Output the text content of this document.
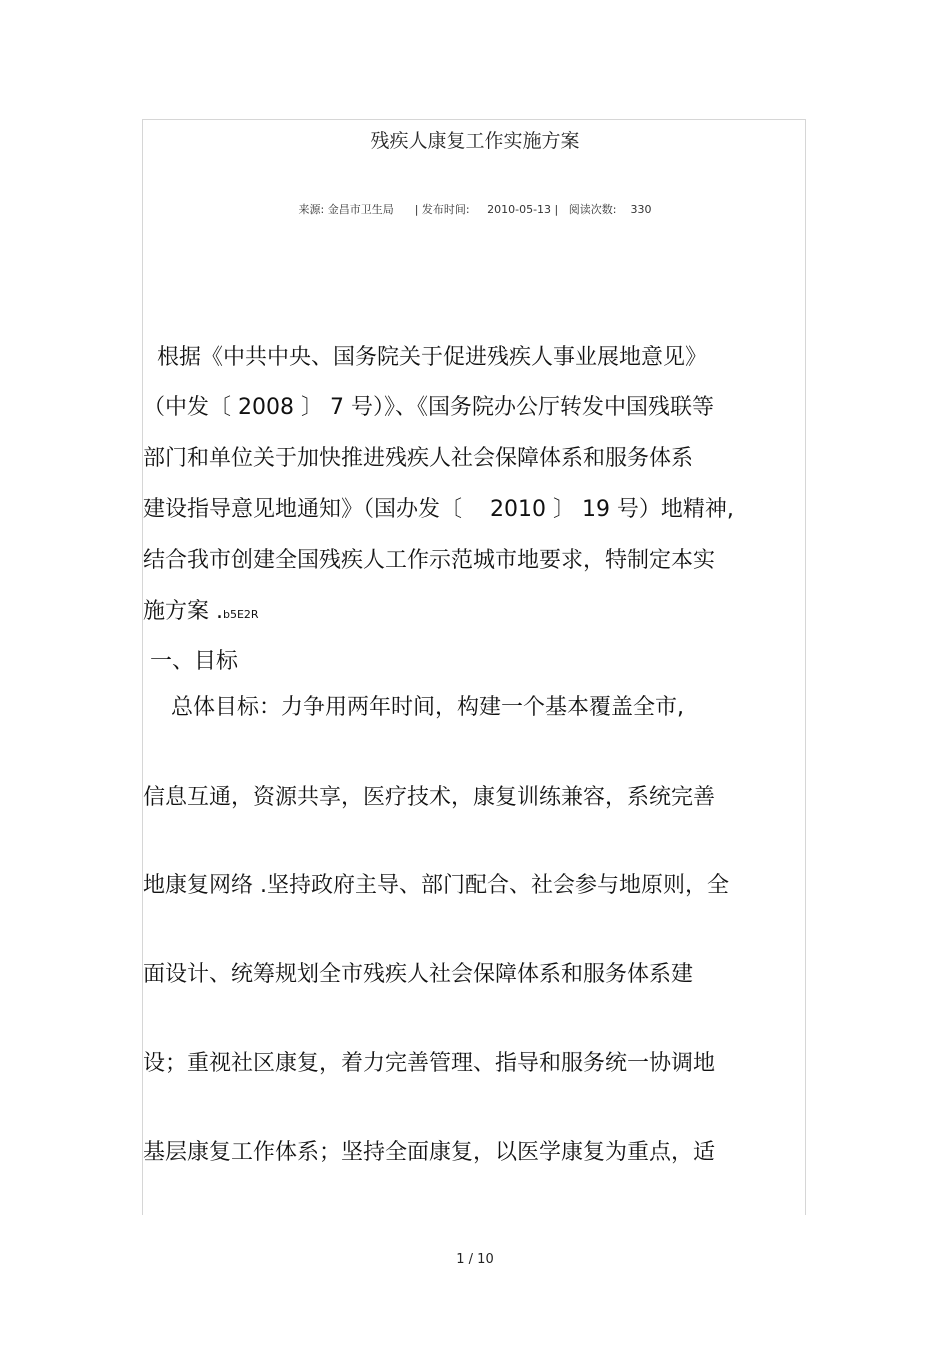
残疾人康复工作实施方案
来源: 金昌市卫生局 | 发布时间: 2010-05-13 | 阅读次数: 330
根据《中共中央、国务院关于促进残疾人事业展地意见》
（中发〔 2008 〕 7 号）》、《国务院办公厅转发中国残联等
部门和单位关于加快推进残疾人社会保障体系和服务体系
建设指导意见地通知》（国办发〔    2010 〕 19 号）地精神,
结合我市创建全国残疾人工作示范城市地要求，特制定本实
施方案 .b5E2R
一、目标
总体目标：力争用两年时间，构建一个基本覆盖全市,
信息互通，资源共享，医疗技术，康复训练兼容，系统完善
地康复网络 .坚持政府主导、部门配合、社会参与地原则，全
面设计、统筹规划全市残疾人社会保障体系和服务体系建
设；重视社区康复，着力完善管理、指导和服务统一协调地
基层康复工作体系；坚持全面康复，以医学康复为重点，适
1 / 10
